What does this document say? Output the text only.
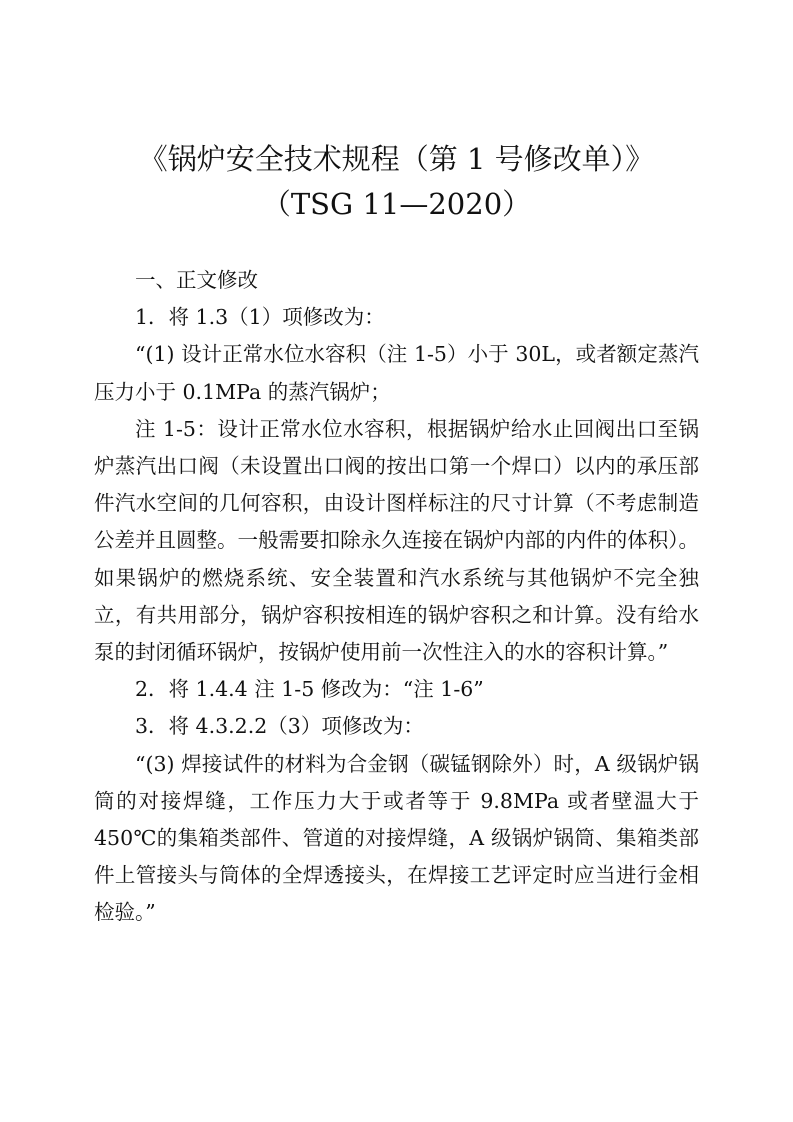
《锅炉安全技术规程（第 1 号修改单）》
（TSG 11—2020）

一、正文修改

1．将 1.3（1）项修改为：

“(1) 设计正常水位水容积（注 1-5）小于 30L，或者额定蒸汽压力小于 0.1MPa 的蒸汽锅炉；

注 1-5：设计正常水位水容积，根据锅炉给水止回阀出口至锅炉蒸汽出口阀（未设置出口阀的按出口第一个焊口）以内的承压部件汽水空间的几何容积，由设计图样标注的尺寸计算（不考虑制造公差并且圆整。一般需要扣除永久连接在锅炉内部的内件的体积）。如果锅炉的燃烧系统、安全装置和汽水系统与其他锅炉不完全独立，有共用部分，锅炉容积按相连的锅炉容积之和计算。没有给水泵的封闭循环锅炉，按锅炉使用前一次性注入的水的容积计算。”

2．将 1.4.4 注 1-5 修改为：“注 1-6”

3．将 4.3.2.2（3）项修改为：

“(3) 焊接试件的材料为合金钢（碳锰钢除外）时，A 级锅炉锅筒的对接焊缝，工作压力大于或者等于 9.8MPa 或者壁温大于 450℃的集箱类部件、管道的对接焊缝，A 级锅炉锅筒、集箱类部件上管接头与筒体的全焊透接头，在焊接工艺评定时应当进行金相检验。”
